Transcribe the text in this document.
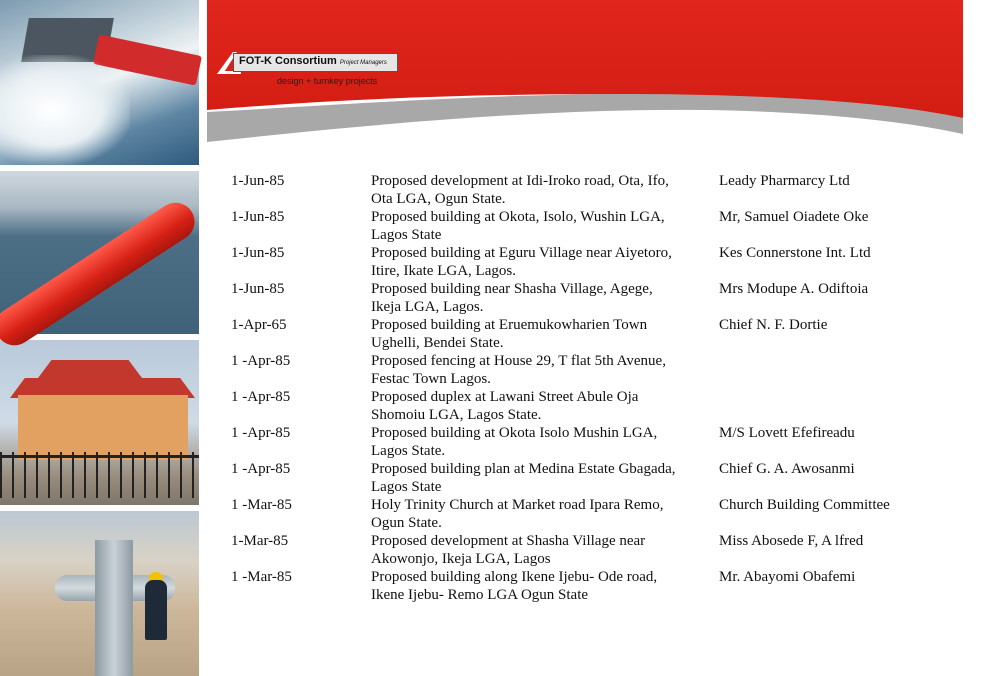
FOT-K Consortium Project Managers
design + turnkey projects
1-Jun-85	Proposed development at Idi-Iroko road, Ota, Ifo,
Ota LGA, Ogun State.
Leady Pharmarcy Ltd
1-Jun-85	Proposed building at Okota, Isolo, Wushin LGA,
Lagos State
Mr, Samuel Oiadete Oke
1-Jun-85	Proposed building at Eguru Village near Aiyetoro,
Itire, Ikate LGA, Lagos.
Kes Connerstone Int. Ltd
1-Jun-85	Proposed building near Shasha Village, Agege,
Ikeja LGA, Lagos.
Mrs Modupe A. Odiftoia
1-Apr-65	Proposed building at Eruemukowharien Town
Ughelli, Bendei State.
Chief N. F. Dortie
1 -Apr-85	Proposed fencing at House 29, T flat 5th Avenue,
Festac Town Lagos.
1 -Apr-85	Proposed duplex at Lawani Street Abule Oja
Shomoiu LGA, Lagos State.
1 -Apr-85	Proposed building at Okota Isolo Mushin LGA,
Lagos State.
M/S Lovett Efefireadu
1 -Apr-85	Proposed building plan at Medina Estate Gbagada,
Lagos State
Chief G. A. Awosanmi
1 -Mar-85	Holy Trinity Church at Market road Ipara Remo,
Ogun State.
Church Building Committee
1-Mar-85	Proposed development at Shasha Village near
Akowonjo, Ikeja LGA, Lagos
Miss Abosede F, A lfred
1 -Mar-85	Proposed building along Ikene Ijebu- Ode road,
Ikene Ijebu- Remo LGA Ogun State
Mr. Abayomi Obafemi
